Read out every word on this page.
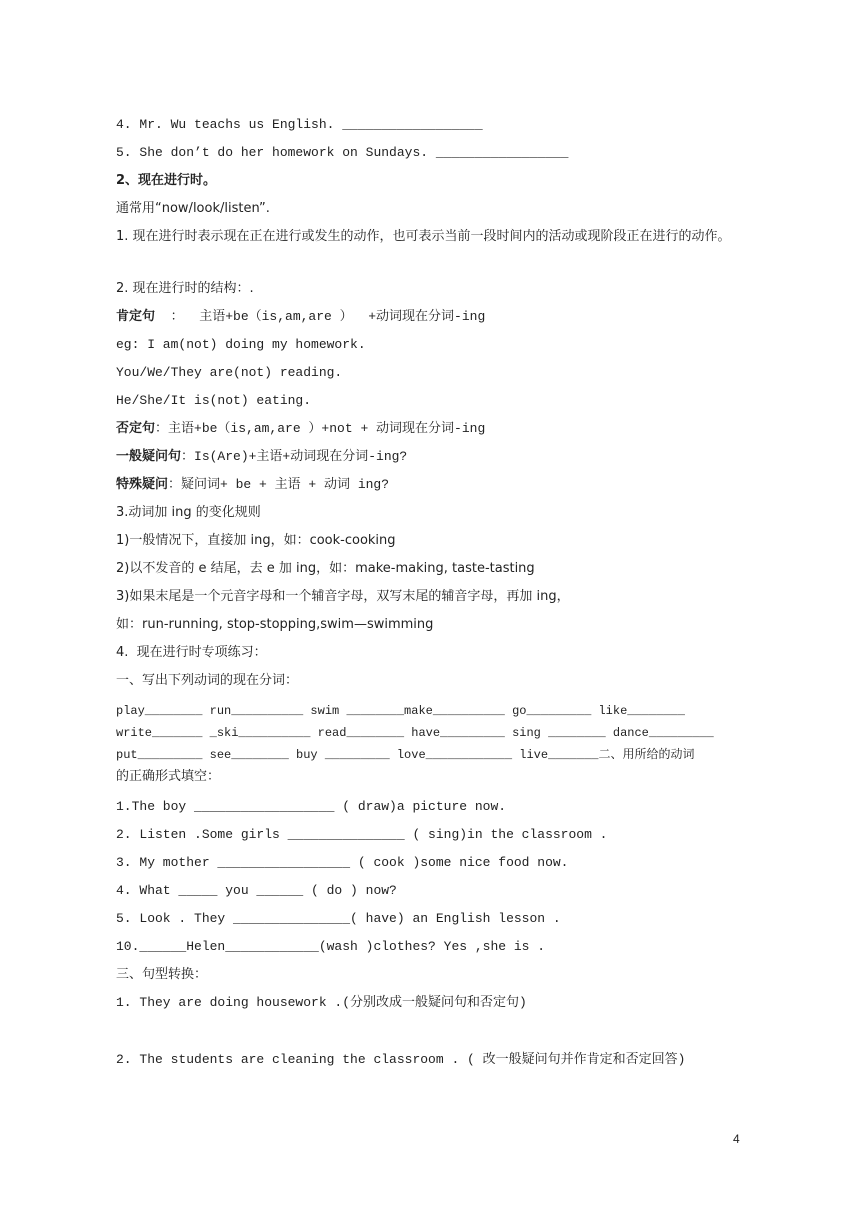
4. Mr. Wu teachs us English. __________________
5. She don’t do her homework on Sundays. _________________
2、现在进行时。
通常用“now/look/listen”.
1. 现在进行时表示现在正在进行或发生的动作，也可表示当前一段时间内的活动或现阶段正在进行的动作。
2. 现在进行时的结构：.
肯定句  ：  主语+be（is,am,are ）  +动词现在分词-ing
eg: I am(not) doing my homework.
You/We/They are(not) reading.
He/She/It is(not) eating.
否定句：主语+be（is,am,are ）+not + 动词现在分词-ing
一般疑问句：Is(Are)+主语+动词现在分词-ing?
特殊疑问：疑问词+ be + 主语 + 动词 ing?
3.动词加 ing 的变化规则
1)一般情况下，直接加 ing，如：cook-cooking
2)以不发音的 e 结尾，去 e 加 ing，如：make-making, taste-tasting
3)如果末尾是一个元音字母和一个辅音字母，双写末尾的辅音字母，再加 ing，
如：run-running, stop-stopping,swim—swimming
4.  现在进行时专项练习：
一、写出下列动词的现在分词：
play________ run__________ swim ________make__________ go_________ like________
write_______ _ski__________ read________ have_________ sing ________ dance_________
put_________ see________ buy _________ love____________ live_______二、用所给的动词
的正确形式填空：
1.The boy __________________ ( draw)a picture now.
2. Listen .Some girls _______________ ( sing)in the classroom .
3. My mother _________________ ( cook )some nice food now.
4. What _____ you ______ ( do ) now?
5. Look . They _______________( have) an English lesson .
10.______Helen____________(wash )clothes? Yes ,she is .
三、句型转换：
1. They are doing housework .(分别改成一般疑问句和否定句)
2. The students are cleaning the classroom . ( 改一般疑问句并作肯定和否定回答)
4
